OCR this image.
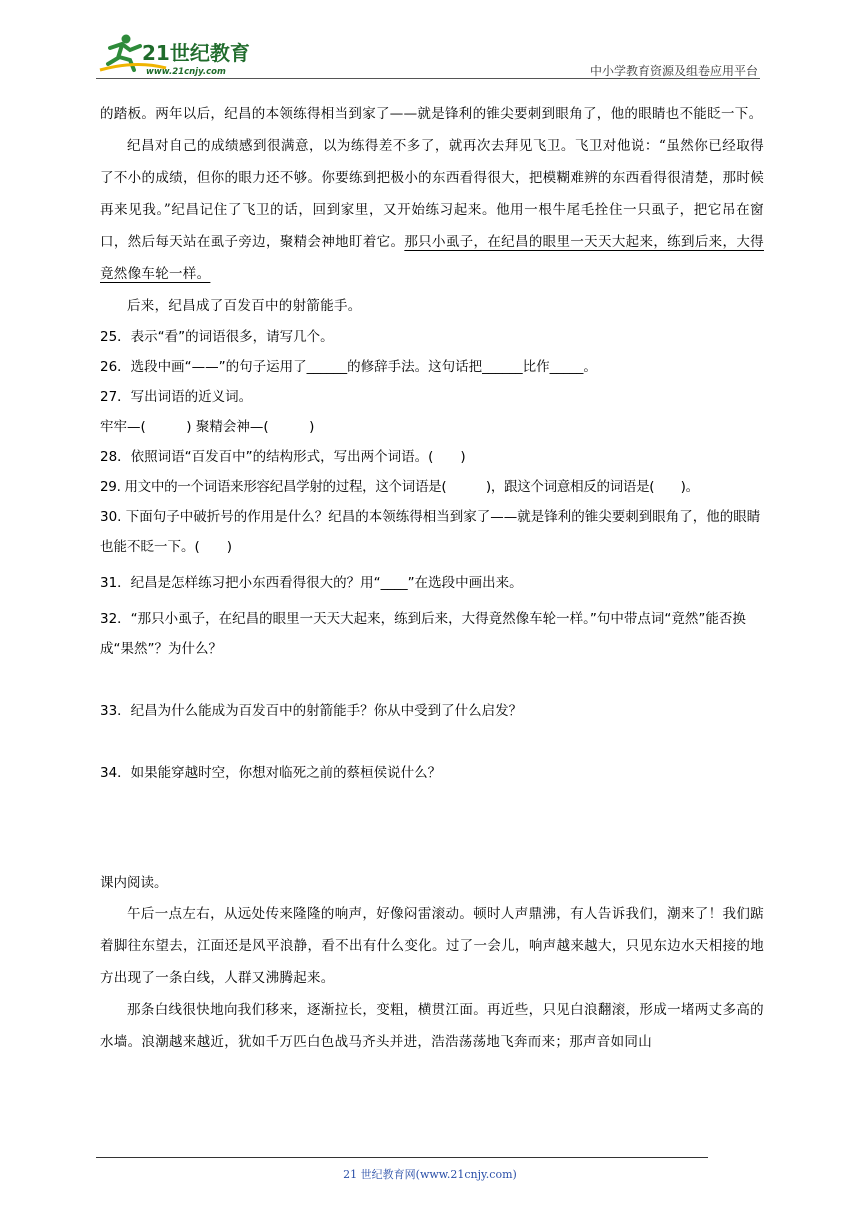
21世纪教育
www.21cnjy.com	中小学教育资源及组卷应用平台

的踏板。两年以后，纪昌的本领练得相当到家了——就是锋利的锥尖要刺到眼角了，他的眼睛也不能眨一下。

纪昌对自己的成绩感到很满意，以为练得差不多了，就再次去拜见飞卫。飞卫对他说：“虽然你已经取得了不小的成绩，但你的眼力还不够。你要练到把极小的东西看得很大，把模糊难辨的东西看得很清楚，那时候再来见我。”纪昌记住了飞卫的话，回到家里，又开始练习起来。他用一根牛尾毛拴住一只虱子，把它吊在窗口，然后每天站在虱子旁边，聚精会神地盯着它。那只小虱子，在纪昌的眼里一天天大起来，练到后来，大得竟然像车轮一样。

后来，纪昌成了百发百中的射箭能手。

25．表示“看”的词语很多，请写几个。

26．选段中画“——”的句子运用了______的修辞手法。这句话把______比作_____。

27．写出词语的近义词。

牢牢—(　　　) 聚精会神—(　　　)

28．依照词语“百发百中”的结构形式，写出两个词语。(　　)

29. 用文中的一个词语来形容纪昌学射的过程，这个词语是(　　　)，跟这个词意相反的词语是(　　)。

30. 下面句子中破折号的作用是什么？纪昌的本领练得相当到家了——就是锋利的锥尖要刺到眼角了，他的眼睛也能不眨一下。(　　)

31．纪昌是怎样练习把小东西看得很大的？用“____”在选段中画出来。

32．“那只小虱子，在纪昌的眼里一天天大起来，练到后来，大得竟然像车轮一样。”句中带点词“竟然”能否换成“果然”？为什么？

33．纪昌为什么能成为百发百中的射箭能手？你从中受到了什么启发？

34．如果能穿越时空，你想对临死之前的蔡桓侯说什么？

课内阅读。

午后一点左右，从远处传来隆隆的响声，好像闷雷滚动。顿时人声鼎沸，有人告诉我们，潮来了！我们踮着脚往东望去，江面还是风平浪静，看不出有什么变化。过了一会儿，响声越来越大，只见东边水天相接的地方出现了一条白线，人群又沸腾起来。

那条白线很快地向我们移来，逐渐拉长，变粗，横贯江面。再近些，只见白浪翻滚，形成一堵两丈多高的水墙。浪潮越来越近，犹如千万匹白色战马齐头并进，浩浩荡荡地飞奔而来；那声音如同山

21 世纪教育网(www.21cnjy.com)
